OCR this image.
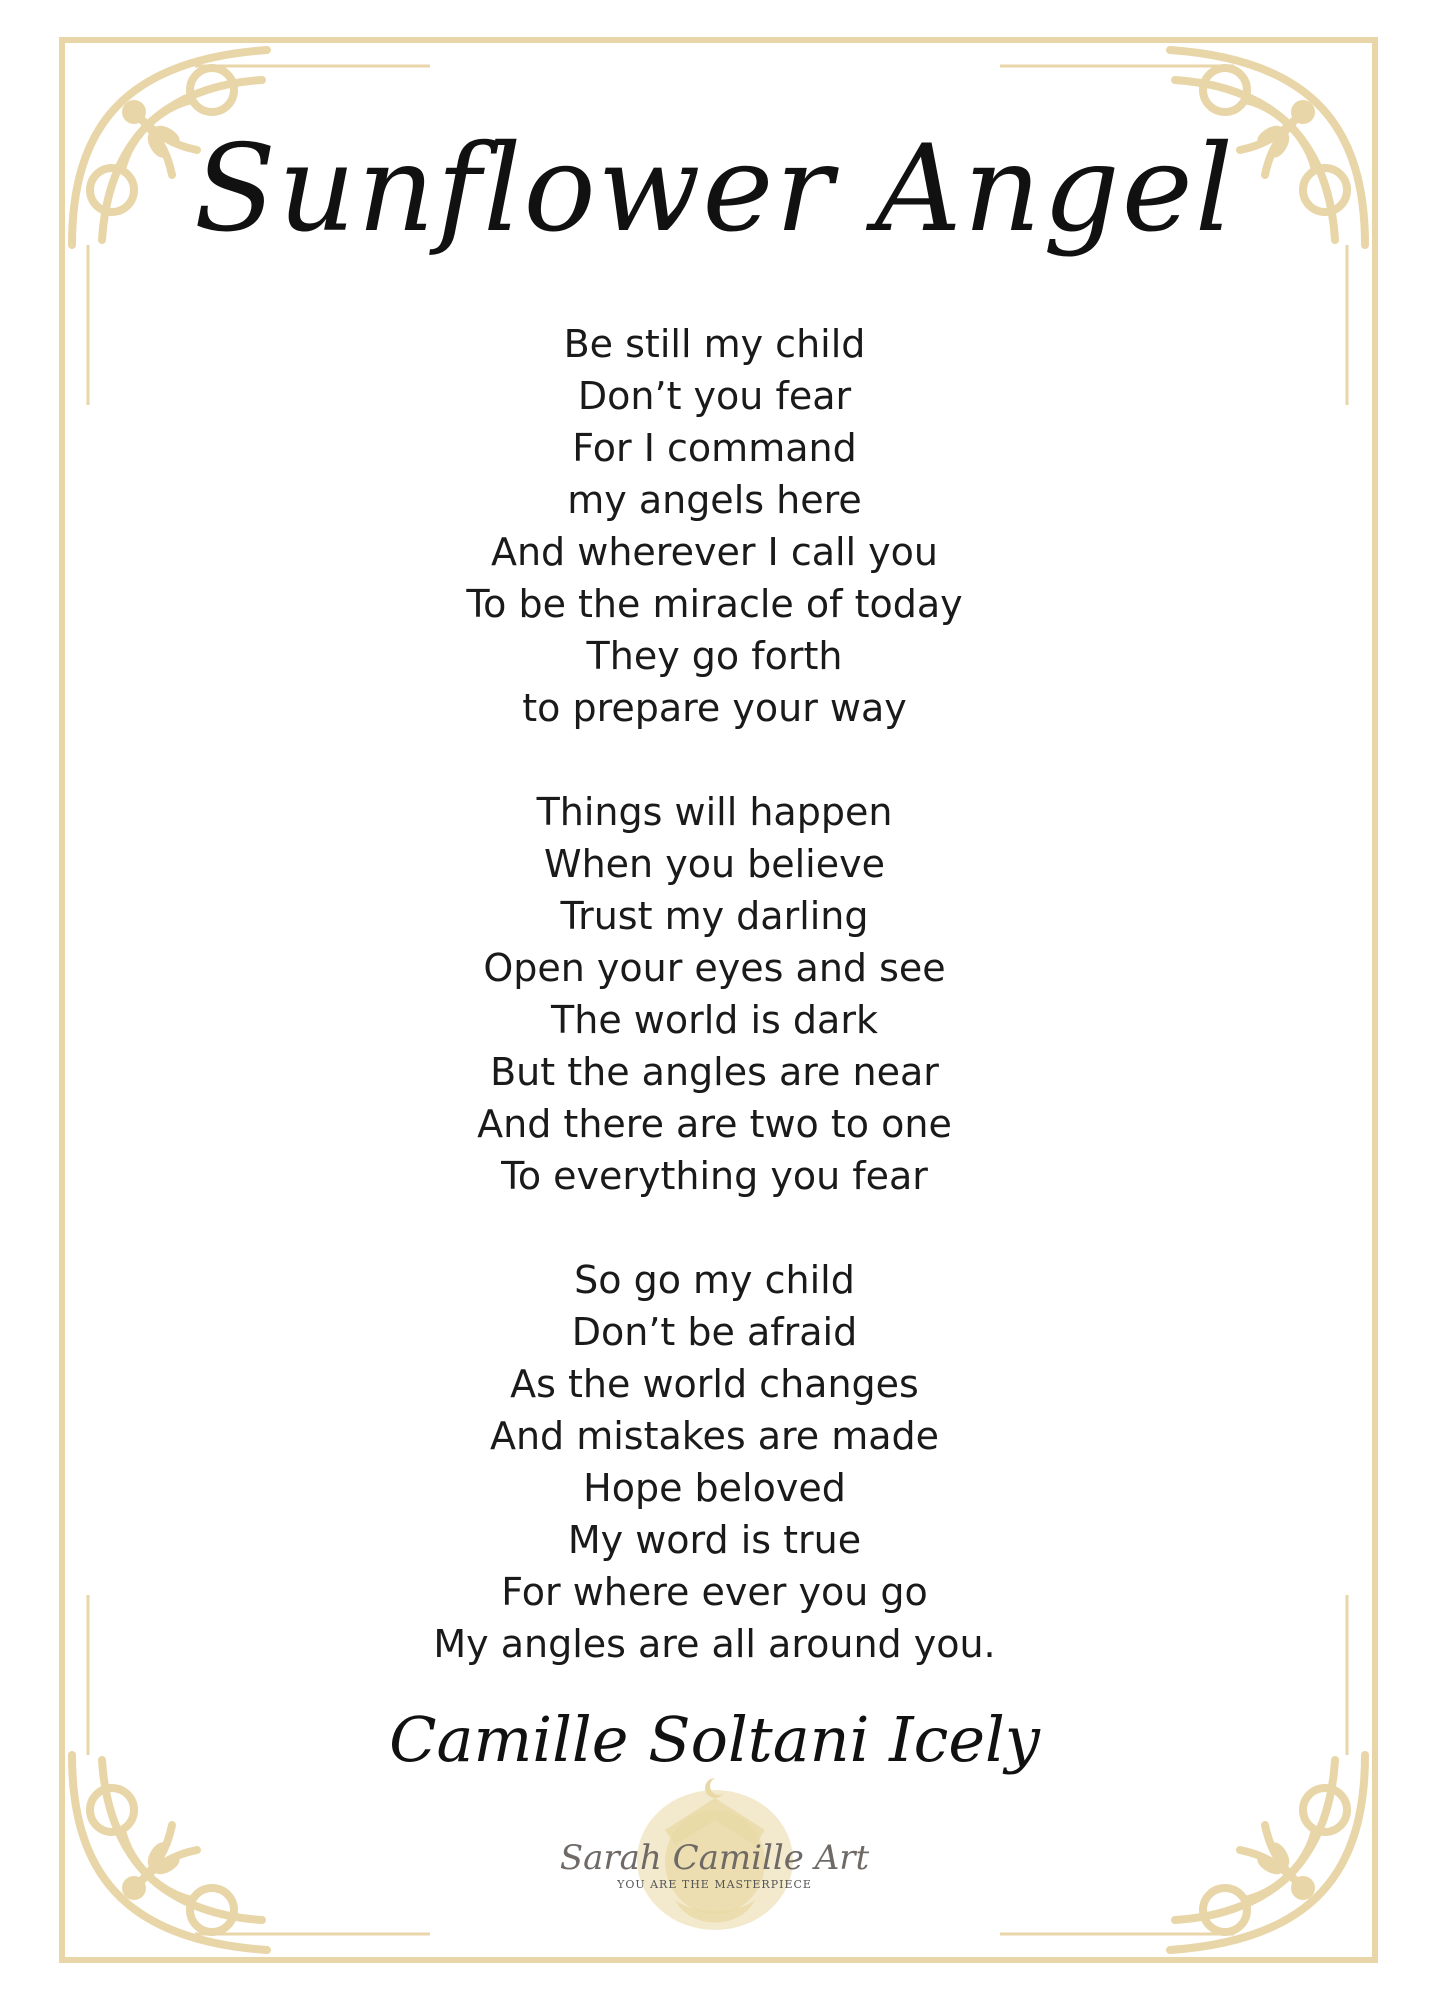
Sunflower Angel
Be still my child
Don’t you fear
For I command
my angels here
And wherever I call you
To be the miracle of today
They go forth
to prepare your way
Things will happen
When you believe
Trust my darling
Open your eyes and see
The world is dark
But the angles are near
And there are two to one
To everything you fear
So go my child
Don’t be afraid
As the world changes
And mistakes are made
Hope beloved
My word is true
For where ever you go
My angles are all around you.
Camille Soltani Icely
Sarah Camille Art
YOU ARE THE MASTERPIECE
